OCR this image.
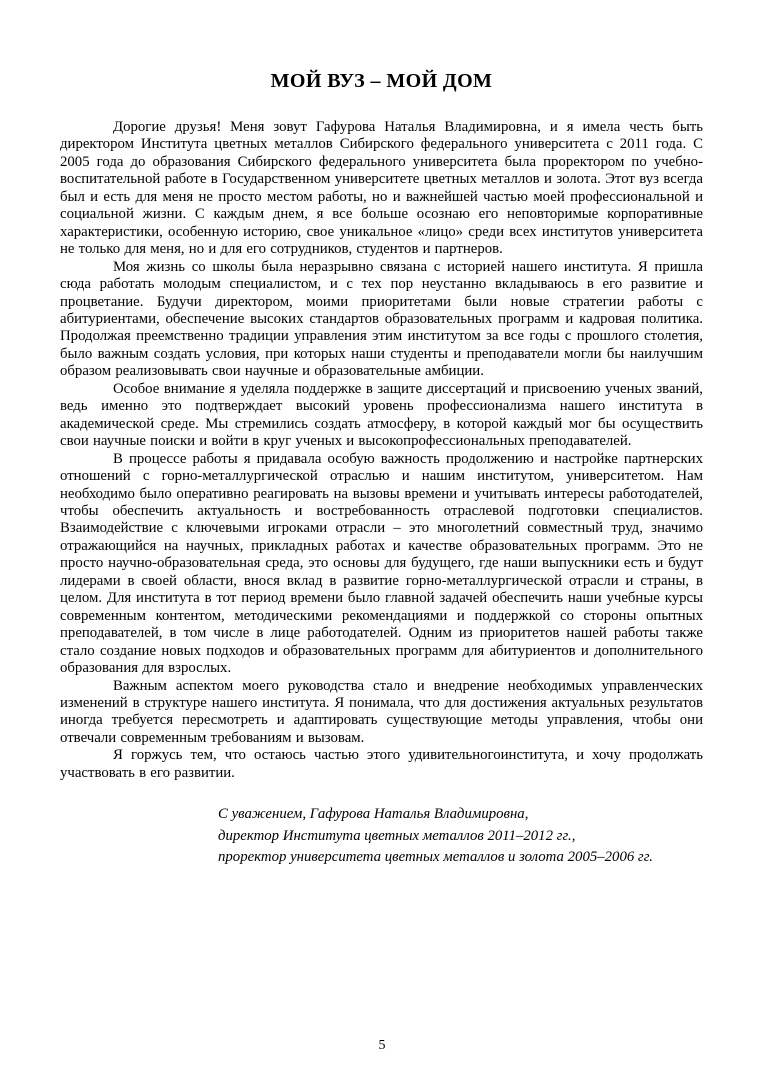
МОЙ ВУЗ – МОЙ ДОМ

Дорогие друзья! Меня зовут Гафурова Наталья Владимировна, и я имела честь быть директором Института цветных металлов Сибирского федерального университета с 2011 года. С 2005 года до образования Сибирского федерального университета была проректором по учебно-воспитательной работе в Государственном университете цветных металлов и золота. Этот вуз всегда был и есть для меня не просто местом работы, но и важнейшей частью моей профессиональной и социальной жизни. С каждым днем, я все больше осознаю его неповторимые корпоративные характеристики, особенную историю, свое уникальное «лицо» среди всех институтов университета не только для меня, но и для его сотрудников, студентов и партнеров.

Моя жизнь со школы была неразрывно связана с историей нашего института. Я пришла сюда работать молодым специалистом, и с тех пор неустанно вкладываюсь в его развитие и процветание. Будучи директором, моими приоритетами были новые стратегии работы с абитуриентами, обеспечение высоких стандартов образовательных программ и кадровая политика. Продолжая преемственно традиции управления этим институтом за все годы с прошлого столетия, было важным создать условия, при которых наши студенты и преподаватели могли бы наилучшим образом реализовывать свои научные и образовательные амбиции.

Особое внимание я уделяла поддержке в защите диссертаций и присвоению ученых званий, ведь именно это подтверждает высокий уровень профессионализма нашего института в академической среде. Мы стремились создать атмосферу, в которой каждый мог бы осуществить свои научные поиски и войти в круг ученых и высокопрофессиональных преподавателей.

В процессе работы я придавала особую важность продолжению и настройке партнерских отношений с горно-металлургической отраслью и нашим институтом, университетом. Нам необходимо было оперативно реагировать на вызовы времени и учитывать интересы работодателей, чтобы обеспечить актуальность и востребованность отраслевой подготовки специалистов. Взаимодействие с ключевыми игроками отрасли – это многолетний совместный труд, значимо отражающийся на научных, прикладных работах и качестве образовательных программ. Это не просто научно-образовательная среда, это основы для будущего, где наши выпускники есть и будут лидерами в своей области, внося вклад в развитие горно-металлургической отрасли и страны, в целом. Для института в тот период времени было главной задачей обеспечить наши учебные курсы современным контентом, методическими рекомендациями и поддержкой со стороны опытных преподавателей, в том числе в лице работодателей. Одним из приоритетов нашей работы также стало создание новых подходов и образовательных программ для абитуриентов и дополнительного образования для взрослых.

Важным аспектом моего руководства стало и внедрение необходимых управленческих изменений в структуре нашего института. Я понимала, что для достижения актуальных результатов иногда требуется пересмотреть и адаптировать существующие методы управления, чтобы они отвечали современным требованиям и вызовам.

Я горжусь тем, что остаюсь частью этого удивительногоинститута, и хочу продолжать участвовать в его развитии.

С уважением, Гафурова Наталья Владимировна,
директор Института цветных металлов 2011–2012 гг.,
проректор университета цветных металлов и золота 2005–2006 гг.
5
